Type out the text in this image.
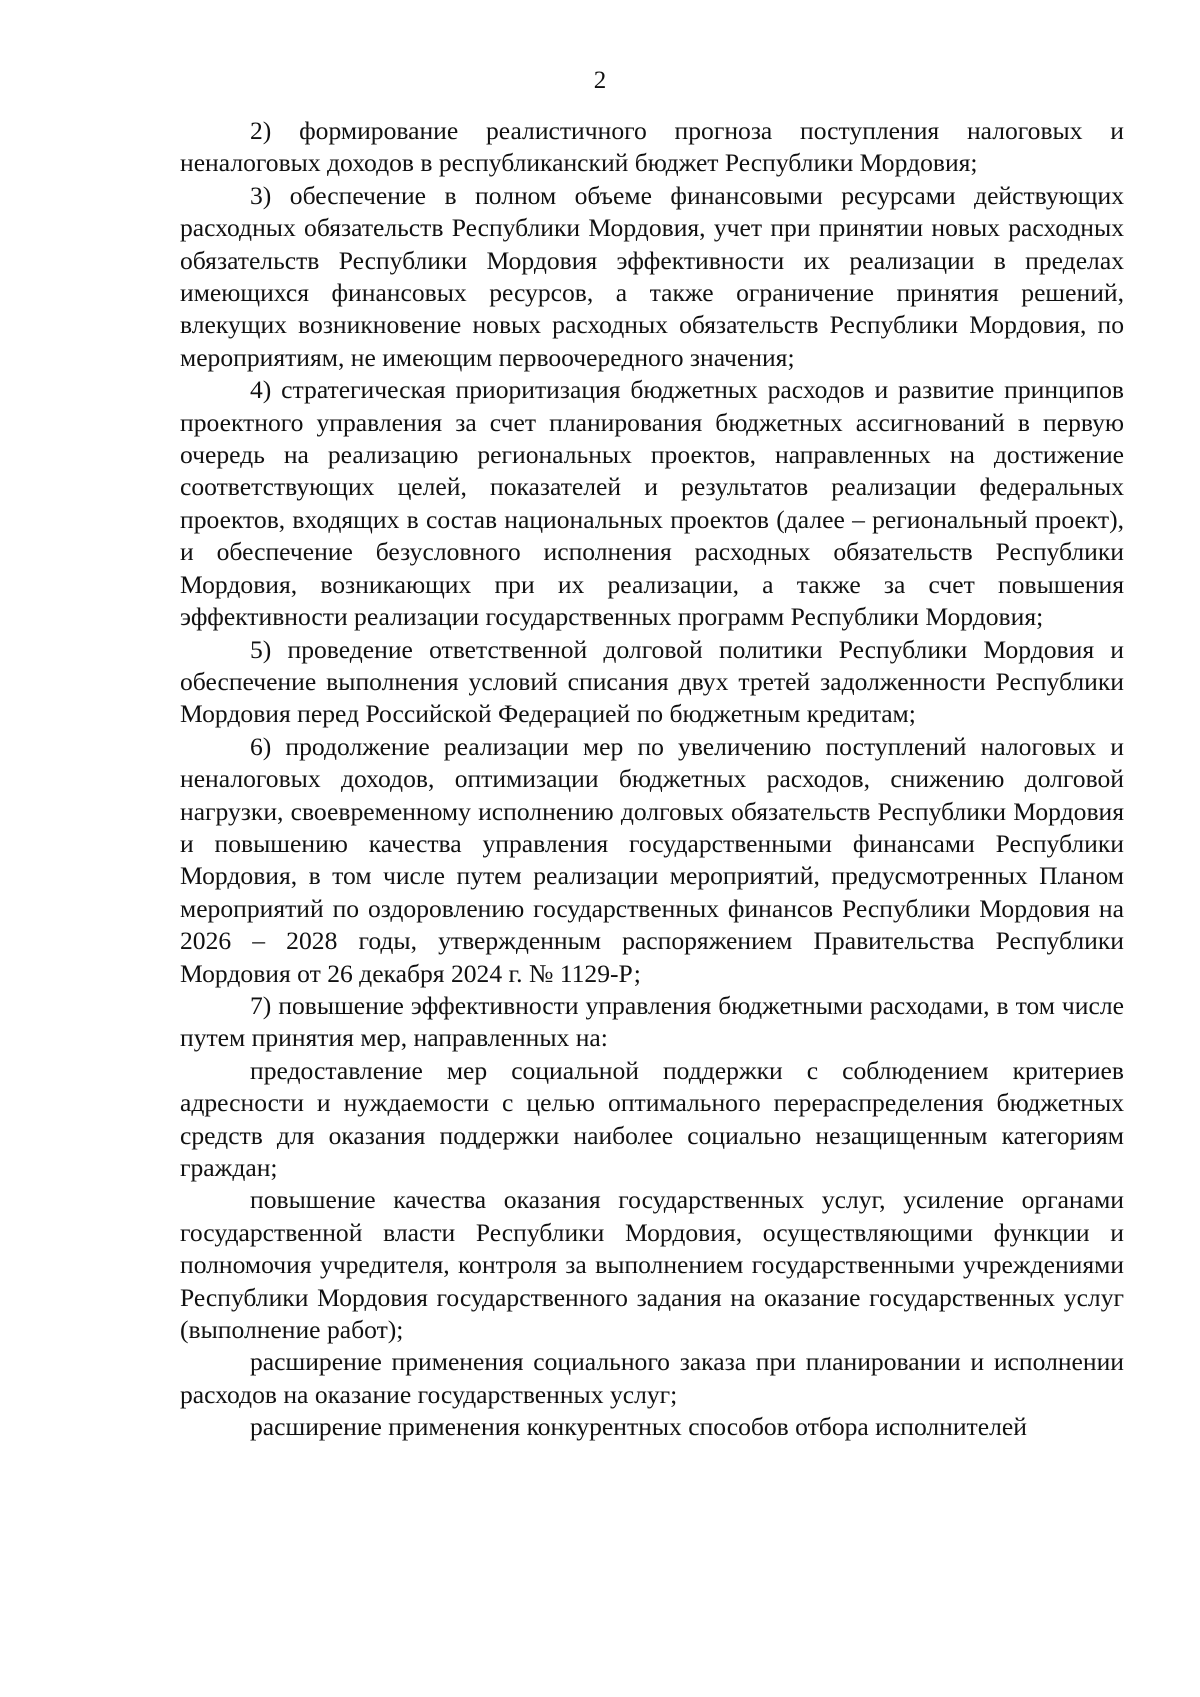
2

2) формирование реалистичного прогноза поступления налоговых и неналоговых доходов в республиканский бюджет Республики Мордовия;

3) обеспечение в полном объеме финансовыми ресурсами действующих расходных обязательств Республики Мордовия, учет при принятии новых расходных обязательств Республики Мордовия эффективности их реализации в пределах имеющихся финансовых ресурсов, а также ограничение принятия решений, влекущих возникновение новых расходных обязательств Республики Мордовия, по мероприятиям, не имеющим первоочередного значения;

4) стратегическая приоритизация бюджетных расходов и развитие принципов проектного управления за счет планирования бюджетных ассигнований в первую очередь на реализацию региональных проектов, направленных на достижение соответствующих целей, показателей и результатов реализации федеральных проектов, входящих в состав национальных проектов (далее – региональный проект), и обеспечение безусловного исполнения расходных обязательств Республики Мордовия, возникающих при их реализации, а также за счет повышения эффективности реализации государственных программ Республики Мордовия;

5) проведение ответственной долговой политики Республики Мордовия и обеспечение выполнения условий списания двух третей задолженности Республики Мордовия перед Российской Федерацией по бюджетным кредитам;

6) продолжение реализации мер по увеличению поступлений налоговых и неналоговых доходов, оптимизации бюджетных расходов, снижению долговой нагрузки, своевременному исполнению долговых обязательств Республики Мордовия и повышению качества управления государственными финансами Республики Мордовия, в том числе путем реализации мероприятий, предусмотренных Планом мероприятий по оздоровлению государственных финансов Республики Мордовия на 2026 – 2028 годы, утвержденным распоряжением Правительства Республики Мордовия от 26 декабря 2024 г. № 1129-Р;

7) повышение эффективности управления бюджетными расходами, в том числе путем принятия мер, направленных на:

предоставление мер социальной поддержки с соблюдением критериев адресности и нуждаемости с целью оптимального перераспределения бюджетных средств для оказания поддержки наиболее социально незащищенным категориям граждан;

повышение качества оказания государственных услуг, усиление органами государственной власти Республики Мордовия, осуществляющими функции и полномочия учредителя, контроля за выполнением государственными учреждениями Республики Мордовия государственного задания на оказание государственных услуг (выполнение работ);

расширение применения социального заказа при планировании и исполнении расходов на оказание государственных услуг;

расширение применения конкурентных способов отбора исполнителей
